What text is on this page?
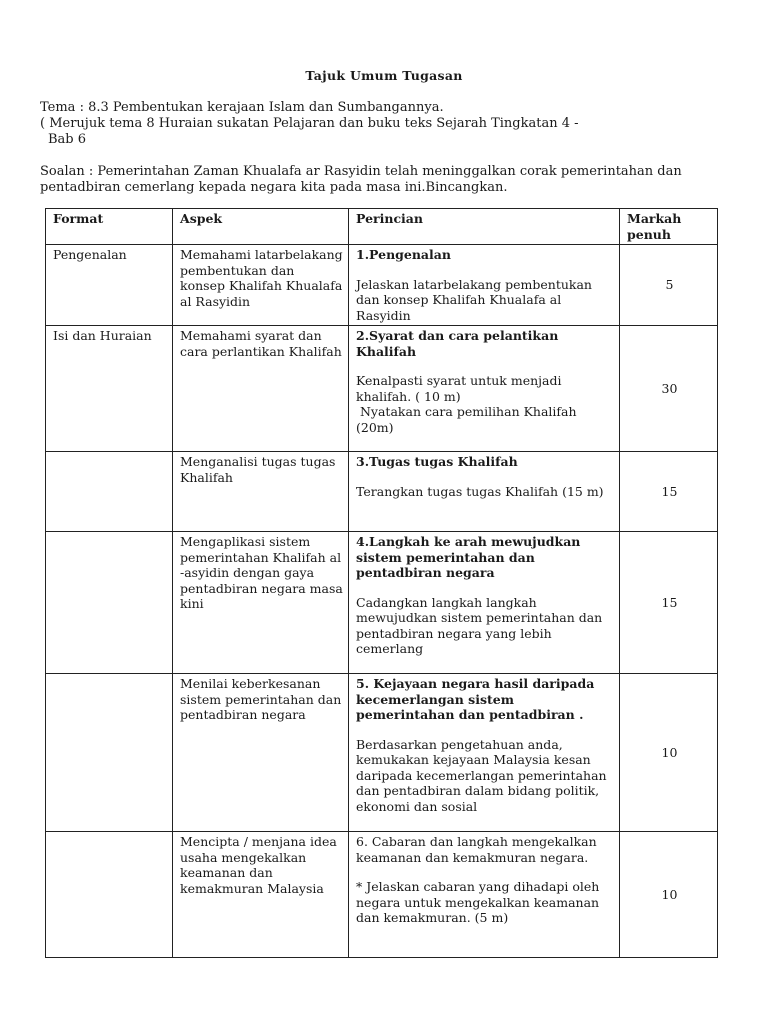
Tajuk Umum Tugasan
Tema : 8.3 Pembentukan kerajaan Islam dan Sumbangannya.
( Merujuk tema 8 Huraian sukatan Pelajaran dan buku teks Sejarah Tingkatan 4 -
Bab 6
Soalan : Pemerintahan Zaman Khualafa ar Rasyidin telah meninggalkan corak pemerintahan dan
pentadbiran cemerlang kepada negara kita pada masa ini.Bincangkan.
Format	Aspek	Perincian	Markah penuh
Pengenalan	Memahami latarbelakang pembentukan dan konsep Khalifah Khualafa al Rasyidin	1.Pengenalan
Jelaskan latarbelakang pembentukan dan konsep Khalifah Khualafa al Rasyidin	5
Isi dan Huraian	Memahami syarat dan cara perlantikan Khalifah	2.Syarat dan cara pelantikan Khalifah
Kenalpasti syarat untuk menjadi khalifah. ( 10 m)
Nyatakan cara pemilihan Khalifah (20m)	30
	Menganalisi tugas tugas Khalifah	3.Tugas tugas Khalifah
Terangkan tugas tugas Khalifah (15 m)	15
	Mengaplikasi sistem pemerintahan Khalifah al -asyidin dengan gaya pentadbiran negara masa kini	4.Langkah ke arah mewujudkan sistem pemerintahan dan pentadbiran negara
Cadangkan langkah langkah mewujudkan sistem pemerintahan dan pentadbiran negara yang lebih cemerlang	15
	Menilai keberkesanan sistem pemerintahan dan pentadbiran negara	5. Kejayaan negara hasil daripada kecemerlangan sistem pemerintahan dan pentadbiran .
Berdasarkan pengetahuan anda, kemukakan kejayaan Malaysia kesan daripada kecemerlangan pemerintahan dan pentadbiran dalam bidang politik, ekonomi dan sosial	10
	Mencipta / menjana idea usaha mengekalkan keamanan dan kemakmuran Malaysia	6. Cabaran dan langkah mengekalkan keamanan dan kemakmuran negara.
* Jelaskan cabaran yang dihadapi oleh negara untuk mengekalkan keamanan dan kemakmuran. (5 m)	10
